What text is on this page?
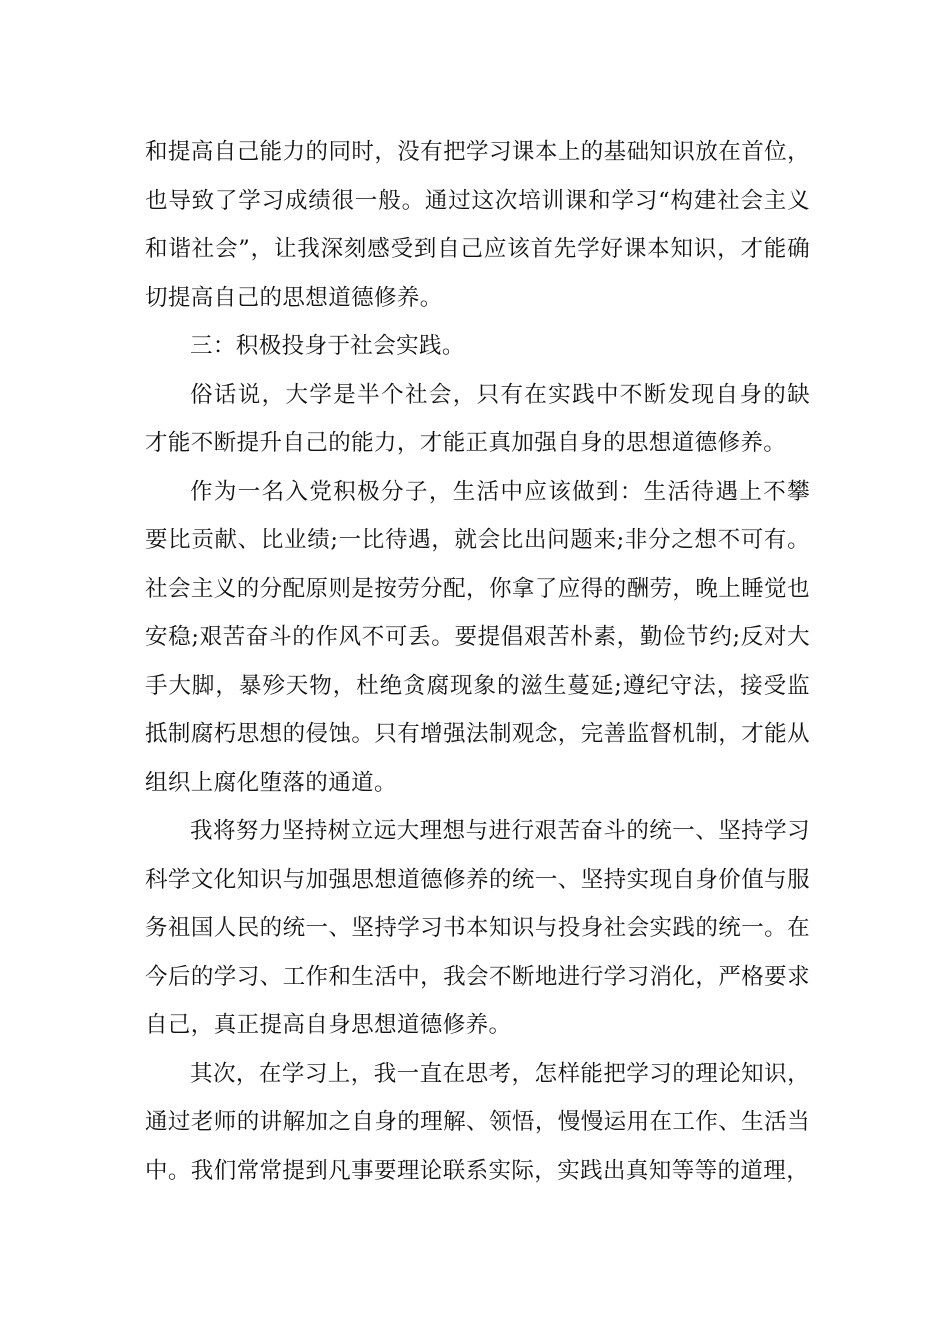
和提高自己能力的同时，没有把学习课本上的基础知识放在首位，
也导致了学习成绩很一般。通过这次培训课和学习“构建社会主义
和谐社会”，让我深刻感受到自己应该首先学好课本知识，才能确
切提高自己的思想道德修养。
三：积极投身于社会实践。
俗话说，大学是半个社会，只有在实践中不断发现自身的缺
才能不断提升自己的能力，才能正真加强自身的思想道德修养。
作为一名入党积极分子，生活中应该做到：生活待遇上不攀
要比贡献、比业绩;一比待遇，就会比出问题来;非分之想不可有。
社会主义的分配原则是按劳分配，你拿了应得的酬劳，晚上睡觉也
安稳;艰苦奋斗的作风不可丢。要提倡艰苦朴素，勤俭节约;反对大
手大脚，暴殄天物，杜绝贪腐现象的滋生蔓延;遵纪守法，接受监
抵制腐朽思想的侵蚀。只有增强法制观念，完善监督机制，才能从
组织上腐化堕落的通道。
我将努力坚持树立远大理想与进行艰苦奋斗的统一、坚持学习
科学文化知识与加强思想道德修养的统一、坚持实现自身价值与服
务祖国人民的统一、坚持学习书本知识与投身社会实践的统一。在
今后的学习、工作和生活中，我会不断地进行学习消化，严格要求
自己，真正提高自身思想道德修养。
其次，在学习上，我一直在思考，怎样能把学习的理论知识，
通过老师的讲解加之自身的理解、领悟，慢慢运用在工作、生活当
中。我们常常提到凡事要理论联系实际，实践出真知等等的道理，
